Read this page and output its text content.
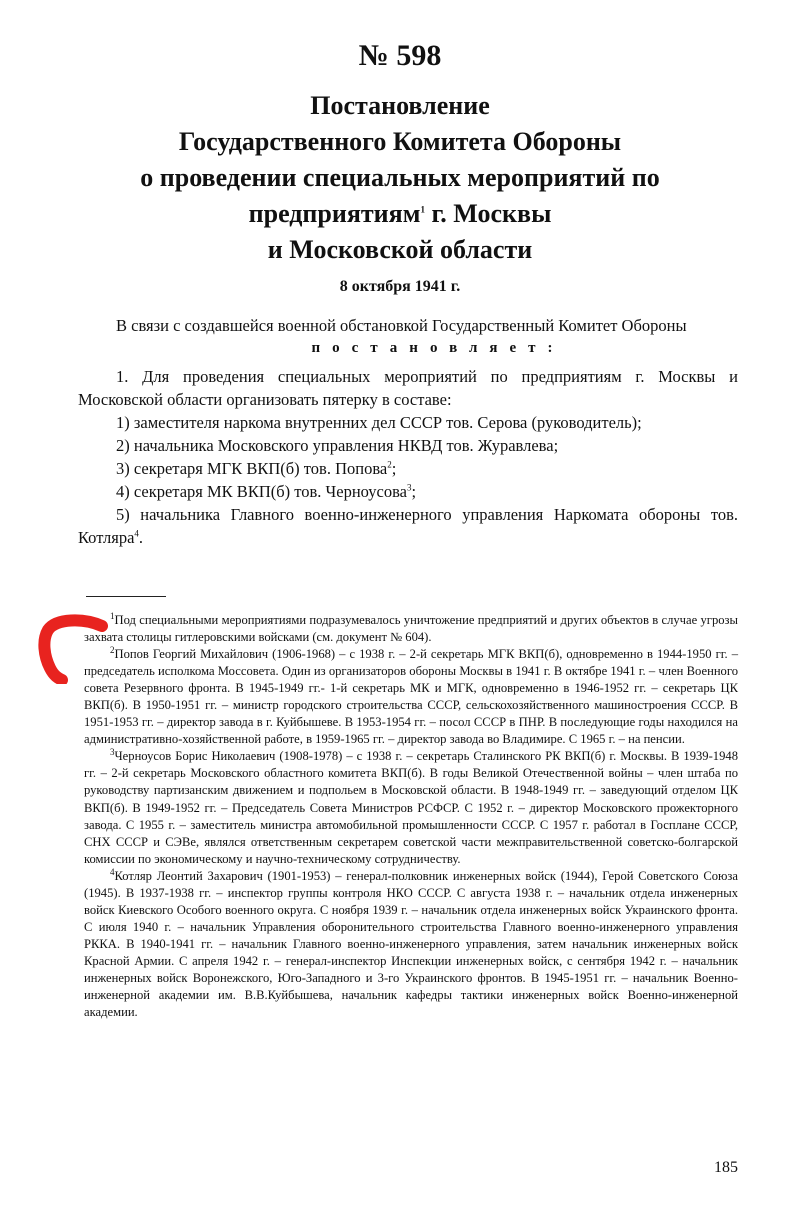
№ 598
Постановление
Государственного Комитета Обороны
о проведении специальных мероприятий по
предприятиям$^1$ г. Москвы
и Московской области
8 октября 1941 г.
В связи с создавшейся военной обстановкой Государственный Комитет Обороны
постановляет:
1. Для проведения специальных мероприятий по предприятиям г. Москвы и Московской области организовать пятерку в составе:
1) заместителя наркома внутренних дел СССР тов. Серова (руководитель);
2) начальника Московского управления НКВД тов. Журавлева;
3) секретаря МГК ВКП(б) тов. Попова$^2$;
4) секретаря МК ВКП(б) тов. Черноусова$^3$;
5) начальника Главного военно-инженерного управления Наркомата обороны тов. Котляра$^4$.
$^1$Под специальными мероприятиями подразумевалось уничтожение предприятий и других объектов в случае угрозы захвата столицы гитлеровскими войсками (см. документ № 604).
$^2$Попов Георгий Михайлович (1906-1968) – с 1938 г. – 2-й секретарь МГК ВКП(б), одновременно в 1944-1950 гг. – председатель исполкома Моссовета. Один из организаторов обороны Москвы в 1941 г. В октябре 1941 г. – член Военного совета Резервного фронта. В 1945-1949 гг.- 1-й секретарь МК и МГК, одновременно в 1946-1952 гг. – секретарь ЦК ВКП(б). В 1950-1951 гг. – министр городского строительства СССР, сельскохозяйственного машиностроения СССР. В 1951-1953 гг. – директор завода в г. Куйбышеве. В 1953-1954 гг. – посол СССР в ПНР. В последующие годы находился на административно-хозяйственной работе, в 1959-1965 гг. – директор завода во Владимире. С 1965 г. – на пенсии.
$^3$Черноусов Борис Николаевич (1908-1978) – с 1938 г. – секретарь Сталинского РК ВКП(б) г. Москвы. В 1939-1948 гг. – 2-й секретарь Московского областного комитета ВКП(б). В годы Великой Отечественной войны – член штаба по руководству партизанским движением и подпольем в Московской области. В 1948-1949 гг. – заведующий отделом ЦК ВКП(б). В 1949-1952 гг. – Председатель Совета Министров РСФСР. С 1952 г. – директор Московского прожекторного завода. С 1955 г. – заместитель министра автомобильной промышленности СССР. С 1957 г. работал в Госплане СССР, СНХ СССР и СЭВе, являлся ответственным секретарем советской части межправительственной советско-болгарской комиссии по экономическому и научно-техническому сотрудничеству.
$^4$Котляр Леонтий Захарович (1901-1953) – генерал-полковник инженерных войск (1944), Герой Советского Союза (1945). В 1937-1938 гг. – инспектор группы контроля НКО СССР. С августа 1938 г. – начальник отдела инженерных войск Киевского Особого военного округа. С ноября 1939 г. – начальник отдела инженерных войск Украинского фронта. С июля 1940 г. – начальник Управления оборонительного строительства Главного военно-инженерного управления РККА. В 1940-1941 гг. – начальник Главного военно-инженерного управления, затем начальник инженерных войск Красной Армии. С апреля 1942 г. – генерал-инспектор Инспекции инженерных войск, с сентября 1942 г. – начальник инженерных войск Воронежского, Юго-Западного и 3-го Украинского фронтов. В 1945-1951 гг. – начальник Военно-инженерной академии им. В.В.Куйбышева, начальник кафедры тактики инженерных войск Военно-инженерной академии.
185
